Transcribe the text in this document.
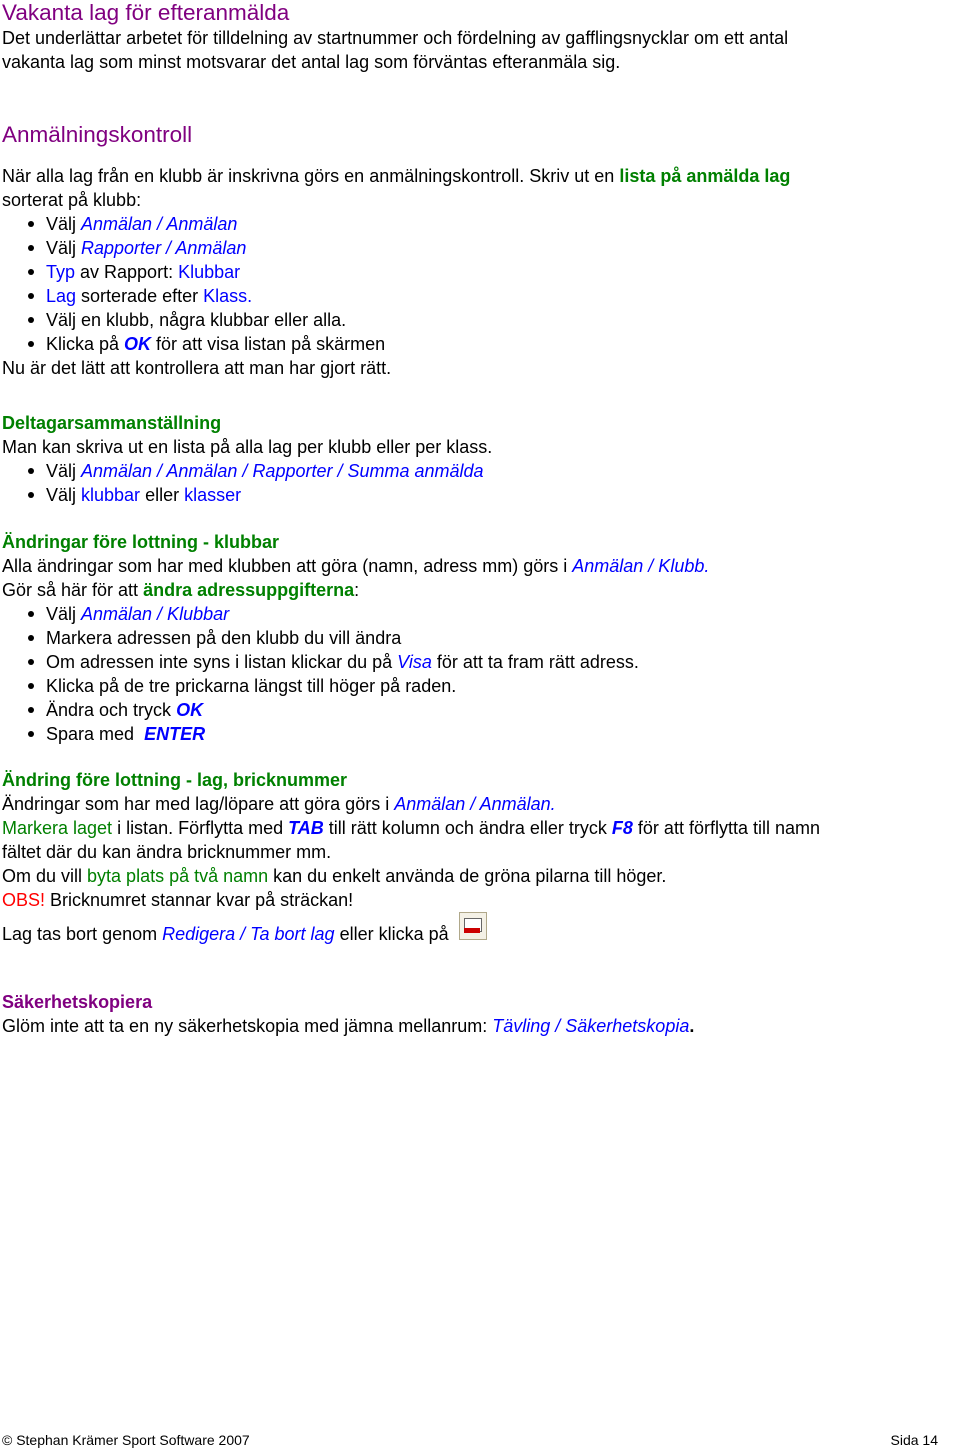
Vakanta lag för efteranmälda

Det underlättar arbetet för tilldelning av startnummer och fördelning av gafflingsnycklar om ett antal

vakanta lag som minst motsvarar det antal lag som förväntas efteranmäla sig.

Anmälningskontroll

När alla lag från en klubb är inskrivna görs en anmälningskontroll. Skriv ut en lista på anmälda lag

sorterat på klubb:

Välj Anmälan / Anmälan
Välj Rapporter / Anmälan
Typ av Rapport: Klubbar
Lag sorterade efter Klass.
Välj en klubb, några klubbar eller alla.
Klicka på OK för att visa listan på skärmen

Nu är det lätt att kontrollera att man har gjort rätt.

Deltagarsammanställning

Man kan skriva ut en lista på alla lag per klubb eller per klass.

Välj Anmälan / Anmälan / Rapporter / Summa anmälda
Välj klubbar eller klasser
Ändringar före lottning - klubbar

Alla ändringar som har med klubben att göra (namn, adress mm) görs i Anmälan / Klubb.

Gör så här för att ändra adressuppgifterna:

Välj Anmälan / Klubbar
Markera adressen på den klubb du vill ändra
Om adressen inte syns i listan klickar du på Visa för att ta fram rätt adress.
Klicka på de tre prickarna längst till höger på raden.
Ändra och tryck OK
Spara med  ENTER
Ändring före lottning - lag, bricknummer

Ändringar som har med lag/löpare att göra görs i Anmälan / Anmälan.

Markera laget i listan. Förflytta med TAB till rätt kolumn och ändra eller tryck F8 för att förflytta till namn

fältet där du kan ändra bricknummer mm.

Om du vill byta plats på två namn kan du enkelt använda de gröna pilarna till höger.

OBS! Bricknumret stannar kvar på sträckan!

Lag tas bort genom Redigera / Ta bort lag eller klicka på

Säkerhetskopiera

Glöm inte att ta en ny säkerhetskopia med jämna mellanrum: Tävling / Säkerhetskopia.

© Stephan Krämer Sport Software 2007	Sida 14
